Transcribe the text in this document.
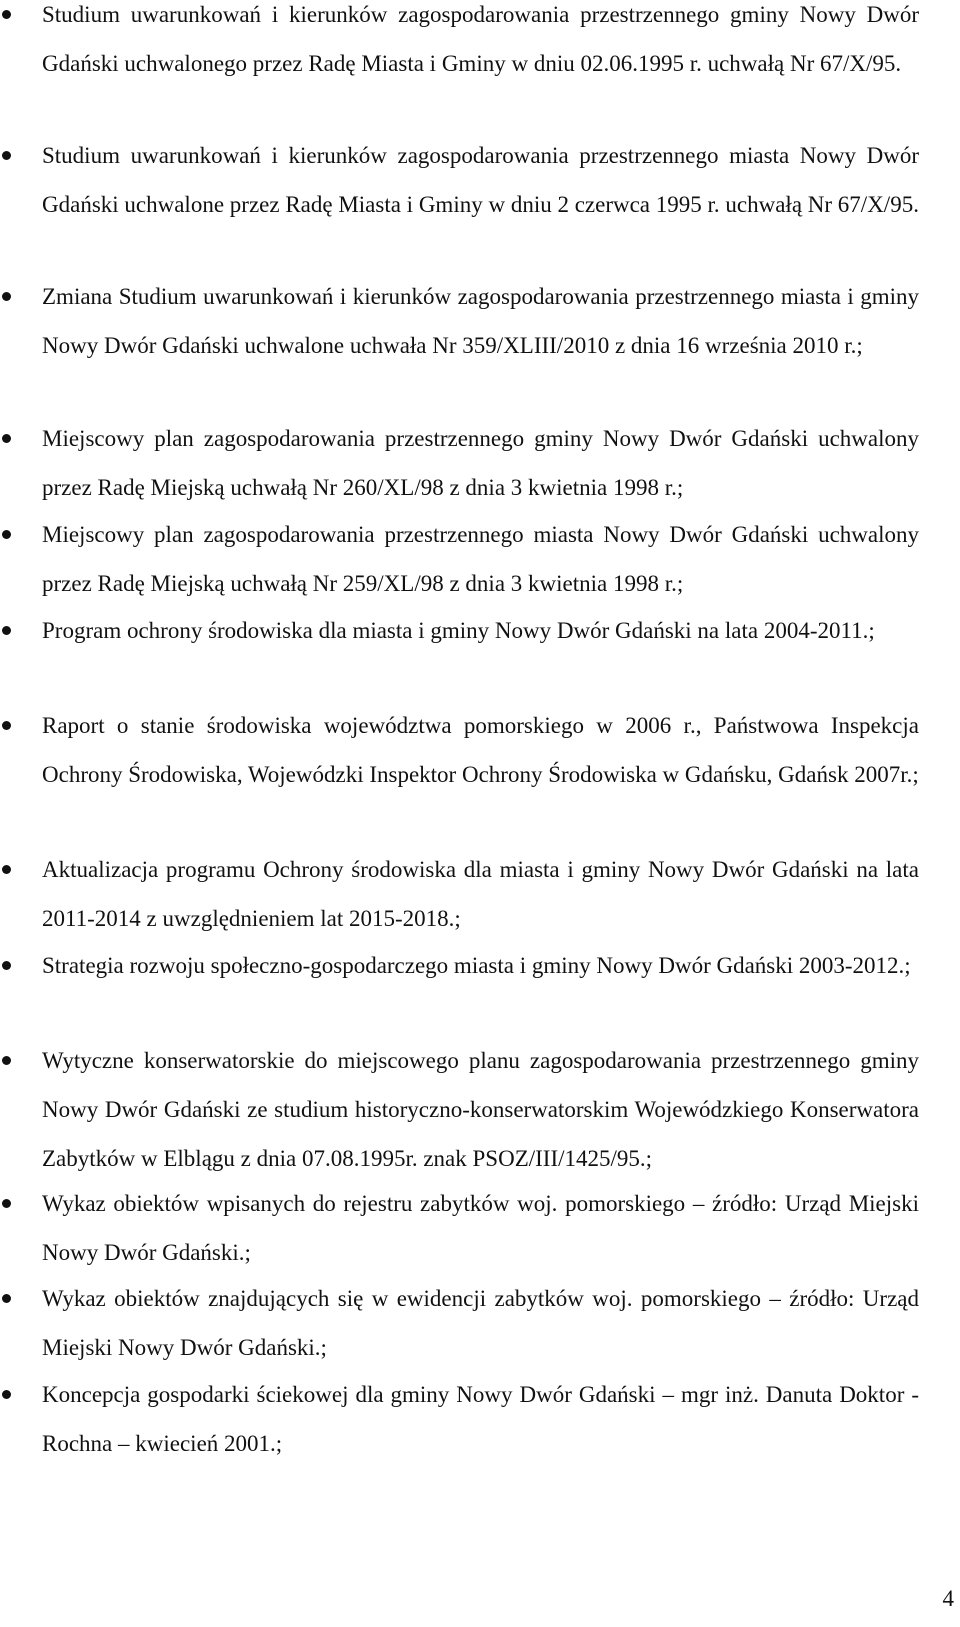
Studium uwarunkowań i kierunków zagospodarowania przestrzennego gminy Nowy Dwór Gdański uchwalonego przez Radę Miasta i Gminy w dniu 02.06.1995 r. uchwałą Nr 67/X/95.

Studium uwarunkowań i kierunków zagospodarowania przestrzennego miasta Nowy Dwór Gdański uchwalone przez Radę Miasta i Gminy w dniu 2 czerwca 1995 r. uchwałą Nr 67/X/95.

Zmiana Studium uwarunkowań i kierunków zagospodarowania przestrzennego miasta i gminy Nowy Dwór Gdański uchwalone uchwała Nr 359/XLIII/2010 z dnia 16 września 2010 r.;

Miejscowy plan zagospodarowania przestrzennego gminy Nowy Dwór Gdański uchwalony przez Radę Miejską uchwałą Nr 260/XL/98 z dnia 3 kwietnia 1998 r.;

Miejscowy plan zagospodarowania przestrzennego miasta Nowy Dwór Gdański uchwalony przez Radę Miejską uchwałą Nr 259/XL/98 z dnia 3 kwietnia 1998 r.;

Program ochrony środowiska dla miasta i gminy Nowy Dwór Gdański na lata 2004-2011.;

Raport o stanie środowiska województwa pomorskiego w 2006 r., Państwowa Inspekcja Ochrony Środowiska, Wojewódzki Inspektor Ochrony Środowiska w Gdańsku, Gdańsk 2007r.;

Aktualizacja programu Ochrony środowiska dla miasta i gminy Nowy Dwór Gdański na lata 2011-2014 z uwzględnieniem lat 2015-2018.;

Strategia rozwoju społeczno-gospodarczego miasta i gminy Nowy Dwór Gdański 2003-2012.;

Wytyczne konserwatorskie do miejscowego planu zagospodarowania przestrzennego gminy Nowy Dwór Gdański ze studium historyczno-konserwatorskim Wojewódzkiego Konserwatora Zabytków w Elblągu z dnia 07.08.1995r. znak PSOZ/III/1425/95.;

Wykaz obiektów wpisanych do rejestru zabytków woj. pomorskiego – źródło: Urząd Miejski Nowy Dwór Gdański.;

Wykaz obiektów znajdujących się w ewidencji zabytków woj. pomorskiego – źródło: Urząd Miejski Nowy Dwór Gdański.;

Koncepcja gospodarki ściekowej dla gminy Nowy Dwór Gdański – mgr inż. Danuta Doktor -Rochna – kwiecień 2001.;

4
